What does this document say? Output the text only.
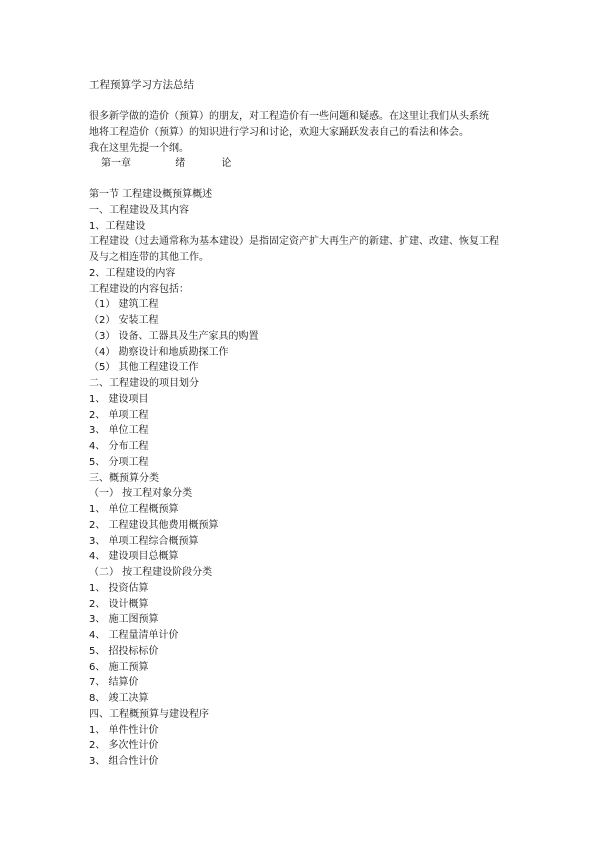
工程预算学习方法总结

很多新学做的造价（预算）的朋友，对工程造价有一些问题和疑惑。在这里让我们从头系统

地将工程造价（预算）的知识进行学习和讨论，欢迎大家踊跃发表自己的看法和体会。

我在这里先提一个纲。

第一章	绪	论

第一节 工程建设概预算概述

一、工程建设及其内容

1、工程建设

工程建设（过去通常称为基本建设）是指固定资产扩大再生产的新建、扩建、改建、恢复工程

及与之相连带的其他工作。

2、工程建设的内容

工程建设的内容包括：

（1） 建筑工程

（2） 安装工程

（3） 设备、工器具及生产家具的购置

（4） 勘察设计和地质勘探工作

（5） 其他工程建设工作

二、工程建设的项目划分

1、 建设项目

2、 单项工程

3、 单位工程

4、 分布工程

5、 分项工程

三、概预算分类

（一） 按工程对象分类

1、 单位工程概预算

2、 工程建设其他费用概预算

3、 单项工程综合概预算

4、 建设项目总概算

（二） 按工程建设阶段分类

1、 投资估算

2、 设计概算

3、 施工图预算

4、 工程量清单计价

5、 招投标标价

6、 施工预算

7、 结算价

8、 竣工决算

四、工程概预算与建设程序

1、 单件性计价

2、 多次性计价

3、 组合性计价
